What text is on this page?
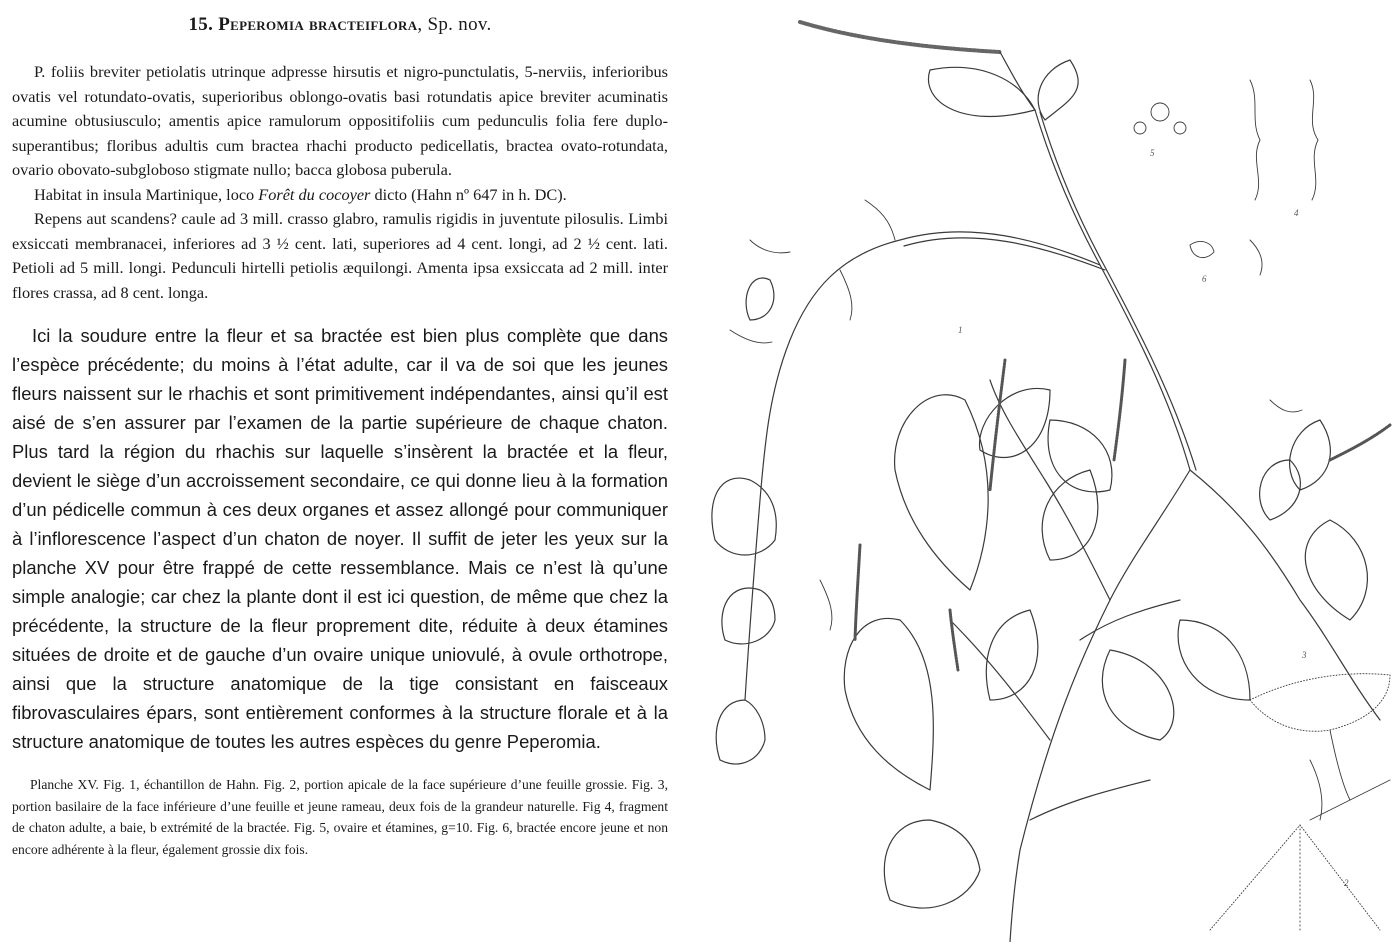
15. Peperomia bracteiflora, Sp. nov.

P. foliis breviter petiolatis utrinque adpresse hirsutis et nigro-punctulatis, 5-nerviis, inferioribus ovatis vel rotundato-ovatis, superioribus oblongo-ovatis basi rotundatis apice breviter acuminatis acumine obtusiusculo; amentis apice ramulorum oppositifoliis cum pedunculis folia fere duplo-superantibus; floribus adultis cum bractea rhachi producto pedicellatis, bractea ovato-rotundata, ovario obovato-subgloboso stigmate nullo; bacca globosa puberula.

Habitat in insula Martinique, loco Forêt du cocoyer dicto (Hahn nº 647 in h. DC).

Repens aut scandens? caule ad 3 mill. crasso glabro, ramulis rigidis in juventute pilosulis. Limbi exsiccati membranacei, inferiores ad 3 ½ cent. lati, superiores ad 4 cent. longi, ad 2 ½ cent. lati. Petioli ad 5 mill. longi. Pedunculi hirtelli petiolis æquilongi. Amenta ipsa exsiccata ad 2 mill. inter flores crassa, ad 8 cent. longa.

Ici la soudure entre la fleur et sa bractée est bien plus complète que dans l’espèce précédente; du moins à l’état adulte, car il va de soi que les jeunes fleurs naissent sur le rhachis et sont primitivement indépendantes, ainsi qu’il est aisé de s’en assurer par l’examen de la partie supérieure de chaque chaton. Plus tard la région du rhachis sur laquelle s’insèrent la bractée et la fleur, devient le siège d’un accroissement secondaire, ce qui donne lieu à la formation d’un pédicelle commun à ces deux organes et assez allongé pour communiquer à l’inflorescence l’aspect d’un chaton de noyer. Il suffit de jeter les yeux sur la planche XV pour être frappé de cette ressemblance. Mais ce n’est là qu’une simple analogie; car chez la plante dont il est ici question, de même que chez la précédente, la structure de la fleur proprement dite, réduite à deux étamines situées de droite et de gauche d’un ovaire unique uniovulé, à ovule orthotrope, ainsi que la structure anatomique de la tige consistant en faisceaux fibrovasculaires épars, sont entièrement conformes à la structure florale et à la structure anatomique de toutes les autres espèces du genre Peperomia.

Planche XV. Fig. 1, échantillon de Hahn. Fig. 2, portion apicale de la face supérieure d’une feuille grossie. Fig. 3, portion basilaire de la face inférieure d’une feuille et jeune rameau, deux fois de la grandeur naturelle. Fig 4, fragment de chaton adulte, a baie, b extrémité de la bractée. Fig. 5, ovaire et étamines, g=10. Fig. 6, bractée encore jeune et non encore adhérente à la fleur, également grossie dix fois.

1
2
3
4
5
6
